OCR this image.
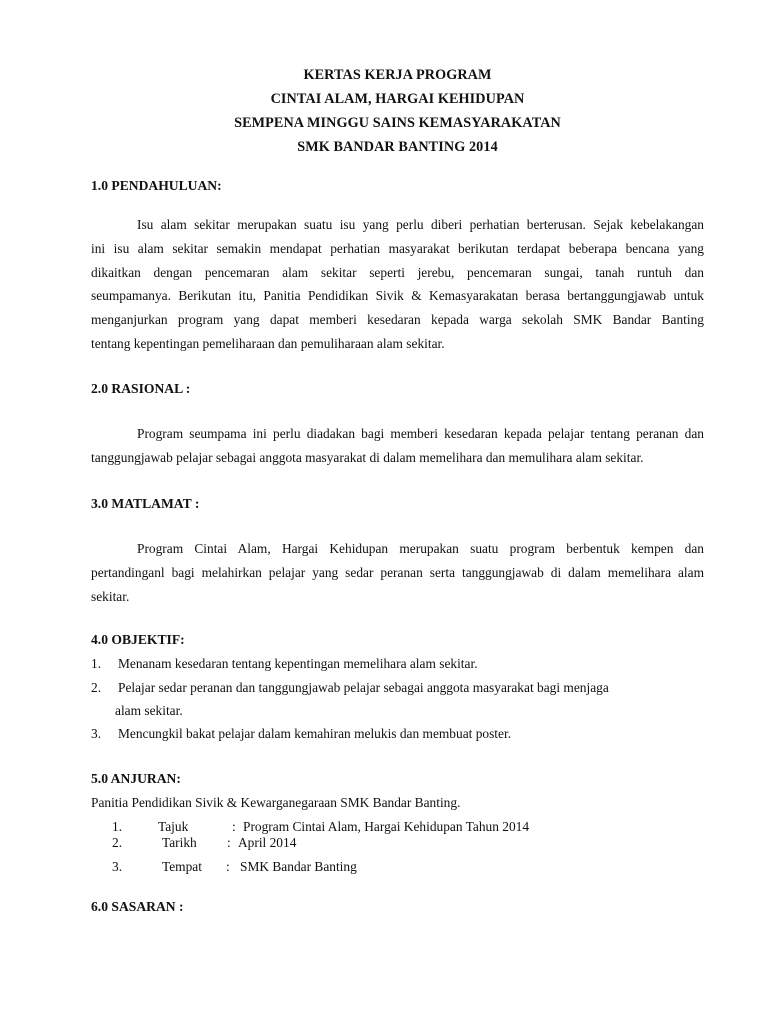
KERTAS KERJA PROGRAM
CINTAI ALAM, HARGAI KEHIDUPAN
SEMPENA MINGGU SAINS KEMASYARAKATAN
SMK BANDAR BANTING 2014
1.0 PENDAHULUAN:
Isu alam sekitar merupakan suatu isu yang perlu diberi perhatian berterusan. Sejak kebelakangan
ini isu alam sekitar semakin mendapat perhatian masyarakat berikutan terdapat beberapa bencana yang
dikaitkan dengan pencemaran alam sekitar seperti jerebu, pencemaran sungai, tanah runtuh dan
seumpamanya. Berikutan itu, Panitia Pendidikan Sivik & Kemasyarakatan berasa bertanggungjawab untuk
menganjurkan program yang dapat memberi kesedaran kepada warga sekolah SMK Bandar Banting
tentang kepentingan pemeliharaan dan pemuliharaan alam sekitar.
2.0 RASIONAL :
Program seumpama ini perlu diadakan bagi memberi kesedaran kepada pelajar tentang peranan dan
tanggungjawab pelajar sebagai anggota masyarakat di dalam memelihara dan memulihara alam sekitar.
3.0 MATLAMAT :
Program Cintai Alam, Hargai Kehidupan merupakan suatu program berbentuk kempen dan
pertandinganl bagi melahirkan pelajar yang sedar peranan serta tanggungjawab di dalam memelihara alam
sekitar.
4.0 OBJEKTIF:
1. Menanam kesedaran tentang kepentingan memelihara alam sekitar.
2. Pelajar sedar peranan dan tanggungjawab pelajar sebagai anggota masyarakat bagi menjaga
alam sekitar.
3. Mencungkil bakat pelajar dalam kemahiran melukis dan membuat poster.
5.0 ANJURAN:
Panitia Pendidikan Sivik & Kewarganegaraan SMK Bandar Banting.
1.	Tajuk	: Program Cintai Alam, Hargai Kehidupan Tahun 2014
2.	Tarikh : April 2014
3.	Tempat : SMK Bandar Banting
6.0 SASARAN :
